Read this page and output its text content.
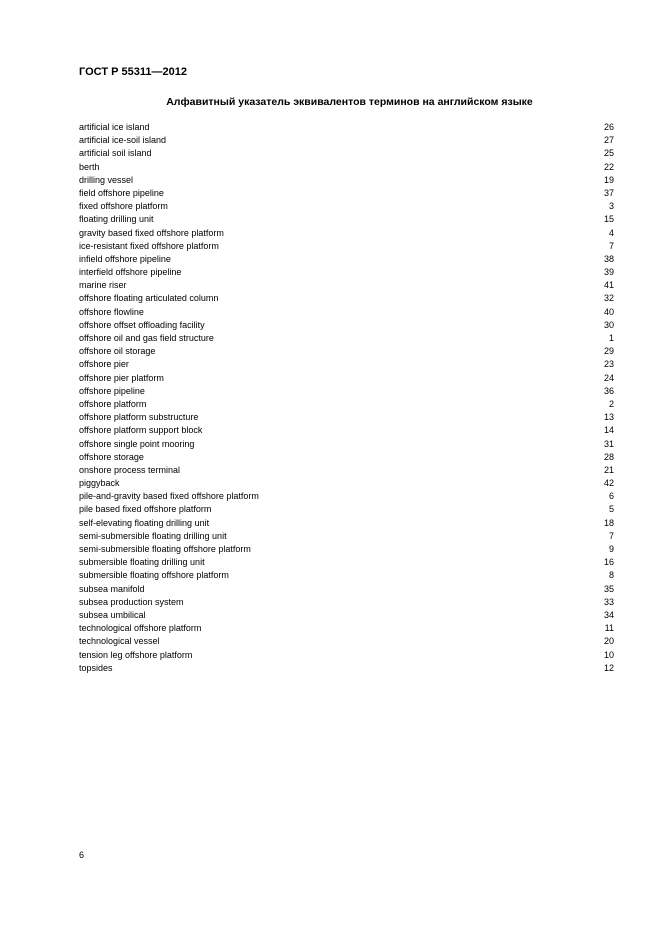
ГОСТ Р 55311—2012

Алфавитный указатель эквивалентов терминов на английском языке
artificial ice island	26
artificial ice-soil island	27
artificial soil island	25
berth	22
drilling vessel	19
field offshore pipeline	37
fixed offshore platform	3
floating drilling unit	15
gravity based fixed offshore platform	4
ice-resistant fixed offshore platform	7
infield offshore pipeline	38
interfield offshore pipeline	39
marine riser	41
offshore floating articulated column	32
offshore flowline	40
offshore offset offloading facility	30
offshore oil and gas field structure	1
offshore oil storage	29
offshore pier	23
offshore pier platform	24
offshore pipeline	36
offshore platform	2
offshore platform substructure	13
offshore platform support block	14
offshore single point mooring	31
offshore storage	28
onshore process terminal	21
piggyback	42
pile-and-gravity based fixed offshore platform	6
pile based fixed offshore platform	5
self-elevating floating drilling unit	18
semi-submersible floating drilling unit	7
semi-submersible floating offshore platform	9
submersible floating drilling unit	16
submersible floating offshore platform	8
subsea manifold	35
subsea production system	33
subsea umbilical	34
technological offshore platform	11
technological vessel	20
tension leg offshore platform	10
topsides	12

6
